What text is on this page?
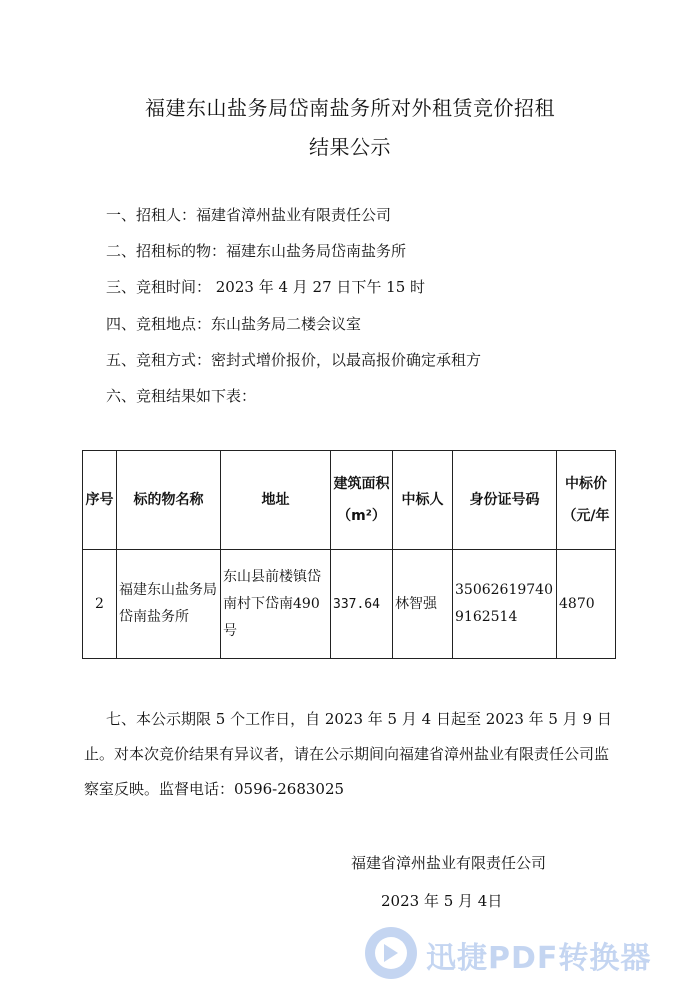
福建东山盐务局岱南盐务所对外租赁竞价招租
结果公示
一、招租人：福建省漳州盐业有限责任公司
二、招租标的物：福建东山盐务局岱南盐务所
三、竞租时间： 2023 年 4 月 27 日下午 15 时
四、竞租地点：东山盐务局二楼会议室
五、竞租方式：密封式增价报价，以最高报价确定承租方
六、竞租结果如下表：
序号	标的物名称	地址	建筑面积（m²）	中标人	身份证号码	中标价（元/年
2	福建东山盐务局岱南盐务所	东山县前楼镇岱南村下岱南490号	337.64	林智强	350626197409162514	4870
七、本公示期限 5 个工作日，自 2023 年 5 月 4 日起至 2023 年 5 月 9 日止。对本次竞价结果有异议者，请在公示期间向福建省漳州盐业有限责任公司监察室反映。监督电话：0596-2683025
福建省漳州盐业有限责任公司
2023 年 5 月 4日
迅捷PDF转换器
